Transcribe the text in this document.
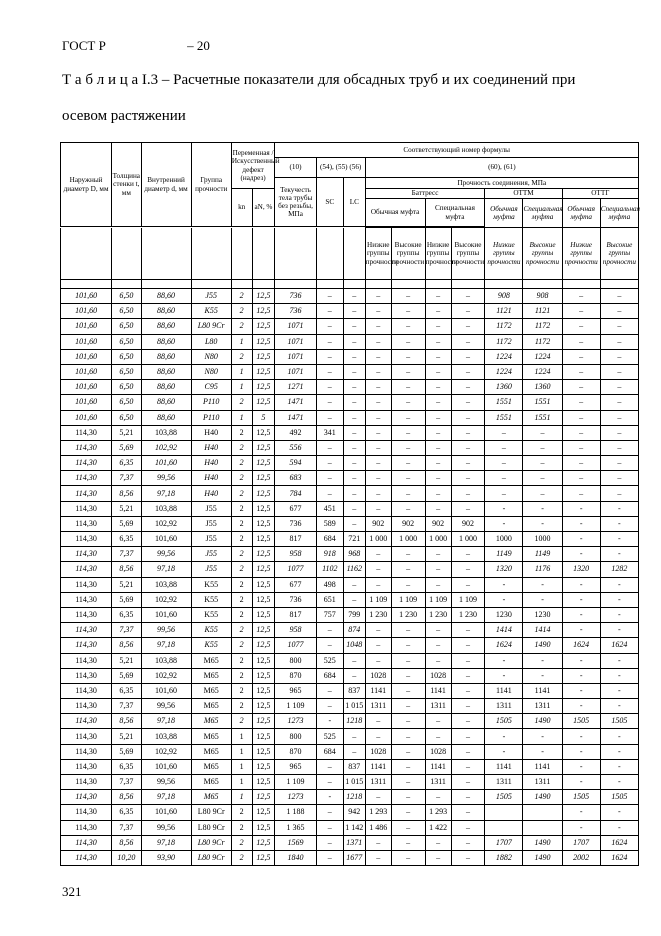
ГОСТ Р	– 20
Т а б л и ц а I.3 – Расчетные показатели для обсадных труб и их соединений при
осевом растяжении
Наружный диаметр D, мм	Толщина стенки t, мм	Внутренний диаметр d, мм	Группа прочности	Переменная /Искусственный дефект (надрез)		Соответствующий номер формулы										
						(10)	(54), (55) (56)		(60), (61)							
						Текучесть тела трубы без резьбы, МПа	SC	LC	Прочность соединения, МПа							
				kn	aN, %				Баттресс				ОТТМ		ОТТГ	
									Обычная муфта		Специальная муфта		Обычная муфта	Специальная муфта	Обычная муфта	Специальная муфта

									Низкие группы прочности	Высокие группы прочности	Низкие группы прочности	Высокие группы прочности	Низкие группы прочности	Высокие группы прочности	Низкие группы прочности	Высокие группы прочности

101,60	6,50	88,60	J55	2	12,5	736	–	–	–	–	–	–	908	908	–	–
101,60	6,50	88,60	K55	2	12,5	736	–	–	–	–	–	–	1121	1121	–	–
101,60	6,50	88,60	L80 9Cr	2	12,5	1071	–	–	–	–	–	–	1172	1172	–	–
101,60	6,50	88,60	L80	1	12,5	1071	–	–	–	–	–	–	1172	1172	–	–
101,60	6,50	88,60	N80	2	12,5	1071	–	–	–	–	–	–	1224	1224	–	–
101,60	6,50	88,60	N80	1	12,5	1071	–	–	–	–	–	–	1224	1224	–	–
101,60	6,50	88,60	C95	1	12,5	1271	–	–	–	–	–	–	1360	1360	–	–
101,60	6,50	88,60	P110	2	12,5	1471	–	–	–	–	–	–	1551	1551	–	–
101,60	6,50	88,60	P110	1	5	1471	–	–	–	–	–	–	1551	1551	–	–
114,30	5,21	103,88	H40	2	12,5	492	341	–	–	–	–	–	–	–	–	–
114,30	5,69	102,92	H40	2	12,5	556	–	–	–	–	–	–	–	–	–	–
114,30	6,35	101,60	H40	2	12,5	594	–	–	–	–	–	–	–	–	–	–
114,30	7,37	99,56	H40	2	12,5	683	–	–	–	–	–	–	–	–	–	–
114,30	8,56	97,18	H40	2	12,5	784	–	–	–	–	–	–	–	–	–	–
114,30	5,21	103,88	J55	2	12,5	677	451	–	–	–	–	–	-	-	-	-
114,30	5,69	102,92	J55	2	12,5	736	589	–	902	902	902	902	-	-	-	-
114,30	6,35	101,60	J55	2	12,5	817	684	721	1 000	1 000	1 000	1 000	1000	1000	-	-
114,30	7,37	99,56	J55	2	12,5	958	918	968	–	–	–	–	1149	1149	-	-
114,30	8,56	97,18	J55	2	12,5	1077	1102	1162	–	–	–	–	1320	1176	1320	1282
114,30	5,21	103,88	K55	2	12,5	677	498	–	–	–	–	–	-	-	-	-
114,30	5,69	102,92	K55	2	12,5	736	651	–	1 109	1 109	1 109	1 109	-	-	-	-
114,30	6,35	101,60	K55	2	12,5	817	757	799	1 230	1 230	1 230	1 230	1230	1230	-	-
114,30	7,37	99,56	K55	2	12,5	958	–	874	–	–	–	–	1414	1414	-	-
114,30	8,56	97,18	K55	2	12,5	1077	–	1048	–	–	–	–	1624	1490	1624	1624
114,30	5,21	103,88	M65	2	12,5	800	525	–	–	–	–	–	-	-	-	-
114,30	5,69	102,92	M65	2	12,5	870	684	–	1028	–	1028	–	-	-	-	-
114,30	6,35	101,60	M65	2	12,5	965	–	837	1141	–	1141	–	1141	1141	-	-
114,30	7,37	99,56	M65	2	12,5	1 109	–	1 015	1311	–	1311	–	1311	1311	-	-
114,30	8,56	97,18	M65	2	12,5	1273	-	1218	–	–	–	–	1505	1490	1505	1505
114,30	5,21	103,88	M65	1	12,5	800	525	–	–	–	–	–	-	-	-	-
114,30	5,69	102,92	M65	1	12,5	870	684	–	1028	–	1028	–	-	-	-	-
114,30	6,35	101,60	M65	1	12,5	965	–	837	1141	–	1141	–	1141	1141	-	-
114,30	7,37	99,56	M65	1	12,5	1 109	–	1 015	1311	–	1311	–	1311	1311	-	-
114,30	8,56	97,18	M65	1	12,5	1273	-	1218	–	–	–	–	1505	1490	1505	1505
114,30	6,35	101,60	L80 9Cr	2	12,5	1 188	–	942	1 293	–	1 293	–			-	-
114,30	7,37	99,56	L80 9Cr	2	12,5	1 365	–	1 142	1 486	–	1 422	–			-	-
114,30	8,56	97,18	L80 9Cr	2	12,5	1569	–	1371	–	–	–	–	1707	1490	1707	1624
114,30	10,20	93,90	L80 9Cr	2	12,5	1840	–	1677	–	–	–	–	1882	1490	2002	1624
321
